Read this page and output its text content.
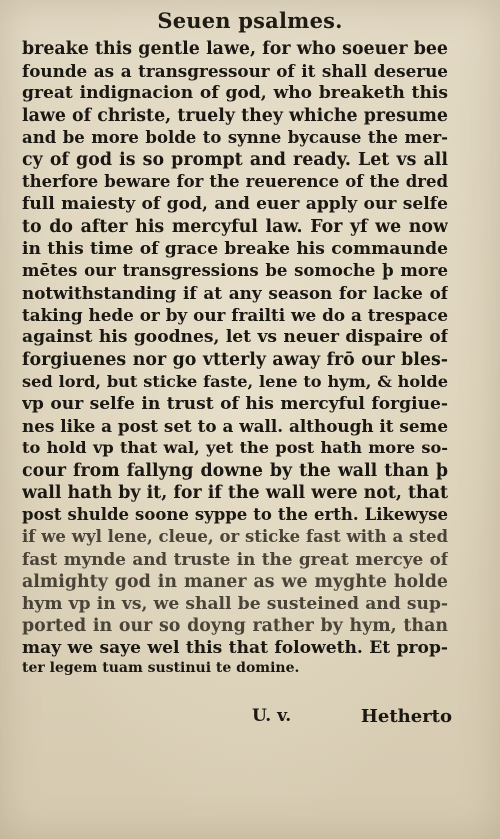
Seuen psalmes.
breake this gentle lawe, for who soeuer bee
founde as a transgressour of it shall deserue
great indignacion of god, who breaketh this
lawe of christe, truely they whiche presume
and be more bolde to synne bycause the mer-
cy of god is so prompt and ready. Let vs all
therfore beware for the reuerence of the dred
full maiesty of god, and euer apply our selfe
to do after his mercyful law. For yf we now
in this time of grace breake his commaunde
mētes our transgressions be somoche þ more
notwithstanding if at any season for lacke of
taking hede or by our frailti we do a trespace
against his goodnes, let vs neuer dispaire of
forgiuenes nor go vtterly away frō our bles-
sed lord, but sticke faste, lene to hym, & holde
vp our selfe in trust of his mercyful forgiue-
nes like a post set to a wall. although it seme
to hold vp that wal, yet the post hath more so-
cour from fallyng downe by the wall than þ
wall hath by it, for if the wall were not, that
post shulde soone syppe to the erth. Likewyse
if we wyl lene, cleue, or sticke fast with a sted
fast mynde and truste in the great mercye of
almighty god in maner as we myghte holde
hym vp in vs, we shall be susteined and sup-
ported in our so doyng rather by hym, than
may we saye wel this that foloweth. Et prop-
ter legem tuam sustinui te domine.
U. v.	Hetherto
